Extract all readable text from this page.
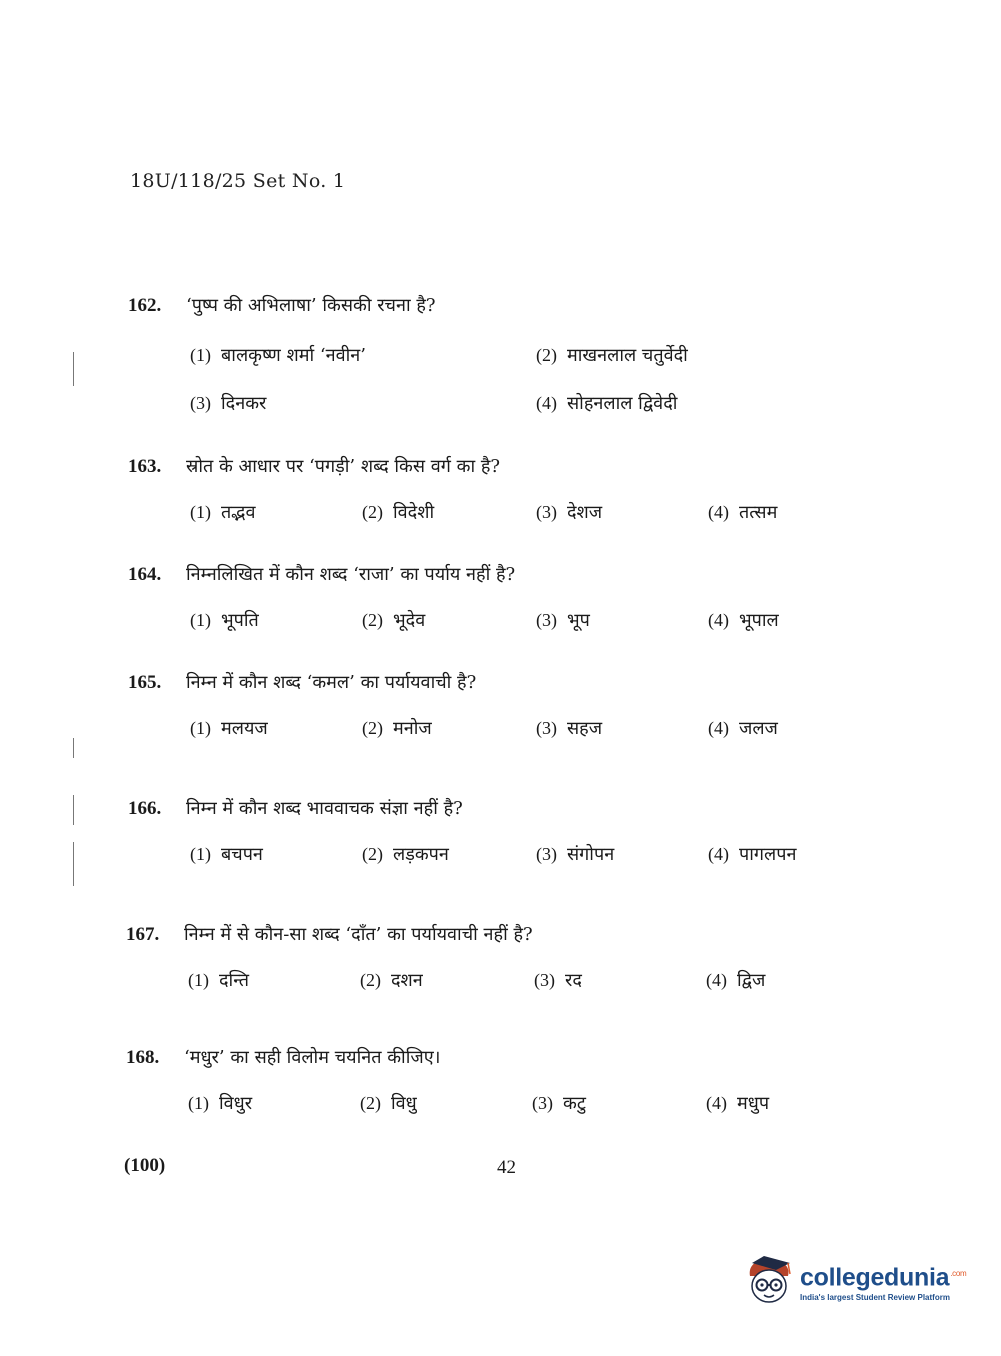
18U/118/25 Set No. 1
162.	‘पुष्प की अभिलाषा’ किसकी रचना है?
(1) बालकृष्ण शर्मा ‘नवीन’	(2) माखनलाल चतुर्वेदी
(3) दिनकर	(4) सोहनलाल द्विवेदी
163.	स्रोत के आधार पर ‘पगड़ी’ शब्द किस वर्ग का है?
(1) तद्भव	(2) विदेशी	(3) देशज	(4) तत्सम
164.	निम्नलिखित में कौन शब्द ‘राजा’ का पर्याय नहीं है?
(1) भूपति	(2) भूदेव	(3) भूप	(4) भूपाल
165.	निम्न में कौन शब्द ‘कमल’ का पर्यायवाची है?
(1) मलयज	(2) मनोज	(3) सहज	(4) जलज
166.	निम्न में कौन शब्द भाववाचक संज्ञा नहीं है?
(1) बचपन	(2) लड़कपन	(3) संगोपन	(4) पागलपन
167.	निम्न में से कौन-सा शब्द ‘दाँत’ का पर्यायवाची नहीं है?
(1) दन्ति	(2) दशन	(3) रद	(4) द्विज
168.	‘मधुर’ का सही विलोम चयनित कीजिए।
(1) विधुर	(2) विधु	(3) कटु	(4) मधुप
(100)	42
collegedunia$^{.com}$
India's largest Student Review Platform
